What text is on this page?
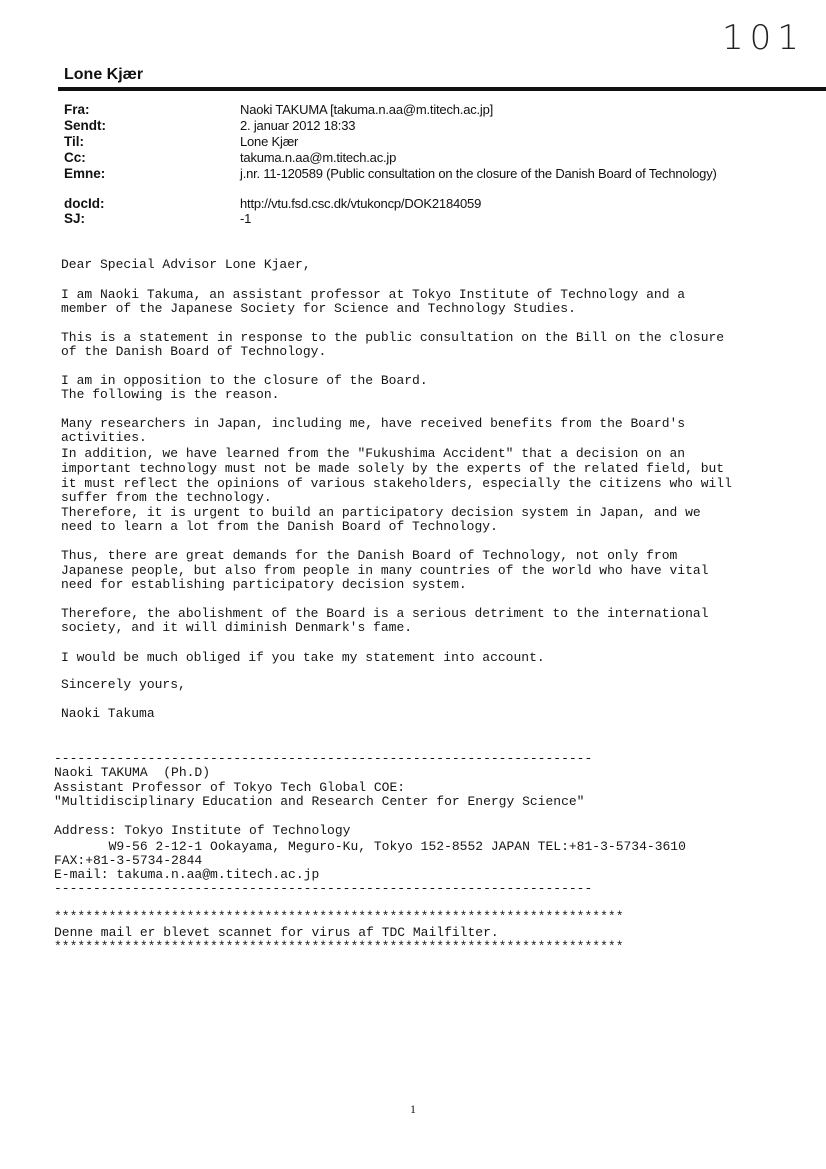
101
Lone Kjær
Fra:	Naoki TAKUMA [takuma.n.aa@m.titech.ac.jp]
Sendt:	2. januar 2012 18:33
Til:	Lone Kjær
Cc:	takuma.n.aa@m.titech.ac.jp
Emne:	j.nr. 11-120589 (Public consultation on the closure of the Danish Board of Technology)
docId:	http://vtu.fsd.csc.dk/vtukoncp/DOK2184059
SJ:	-1
Dear Special Advisor Lone Kjaer,
I am Naoki Takuma, an assistant professor at Tokyo Institute of Technology and a
member of the Japanese Society for Science and Technology Studies.
This is a statement in response to the public consultation on the Bill on the closure
of the Danish Board of Technology.
I am in opposition to the closure of the Board.
The following is the reason.
Many researchers in Japan, including me, have received benefits from the Board's
activities.
In addition, we have learned from the "Fukushima Accident" that a decision on an
important technology must not be made solely by the experts of the related field, but
it must reflect the opinions of various stakeholders, especially the citizens who will
suffer from the technology.
Therefore, it is urgent to build an participatory decision system in Japan, and we
need to learn a lot from the Danish Board of Technology.
Thus, there are great demands for the Danish Board of Technology, not only from
Japanese people, but also from people in many countries of the world who have vital
need for establishing participatory decision system.
Therefore, the abolishment of the Board is a serious detriment to the international
society, and it will diminish Denmark's fame.
I would be much obliged if you take my statement into account.
Sincerely yours,
Naoki Takuma
---------------------------------------------------------------------
Naoki TAKUMA  (Ph.D)
Assistant Professor of Tokyo Tech Global COE:
"Multidisciplinary Education and Research Center for Energy Science"
Address: Tokyo Institute of Technology
W9-56 2-12-1 Ookayama, Meguro-Ku, Tokyo 152-8552 JAPAN TEL:+81-3-5734-3610
FAX:+81-3-5734-2844
E-mail: takuma.n.aa@m.titech.ac.jp
---------------------------------------------------------------------
*************************************************************************
Denne mail er blevet scannet for virus af TDC Mailfilter.
*************************************************************************
1
